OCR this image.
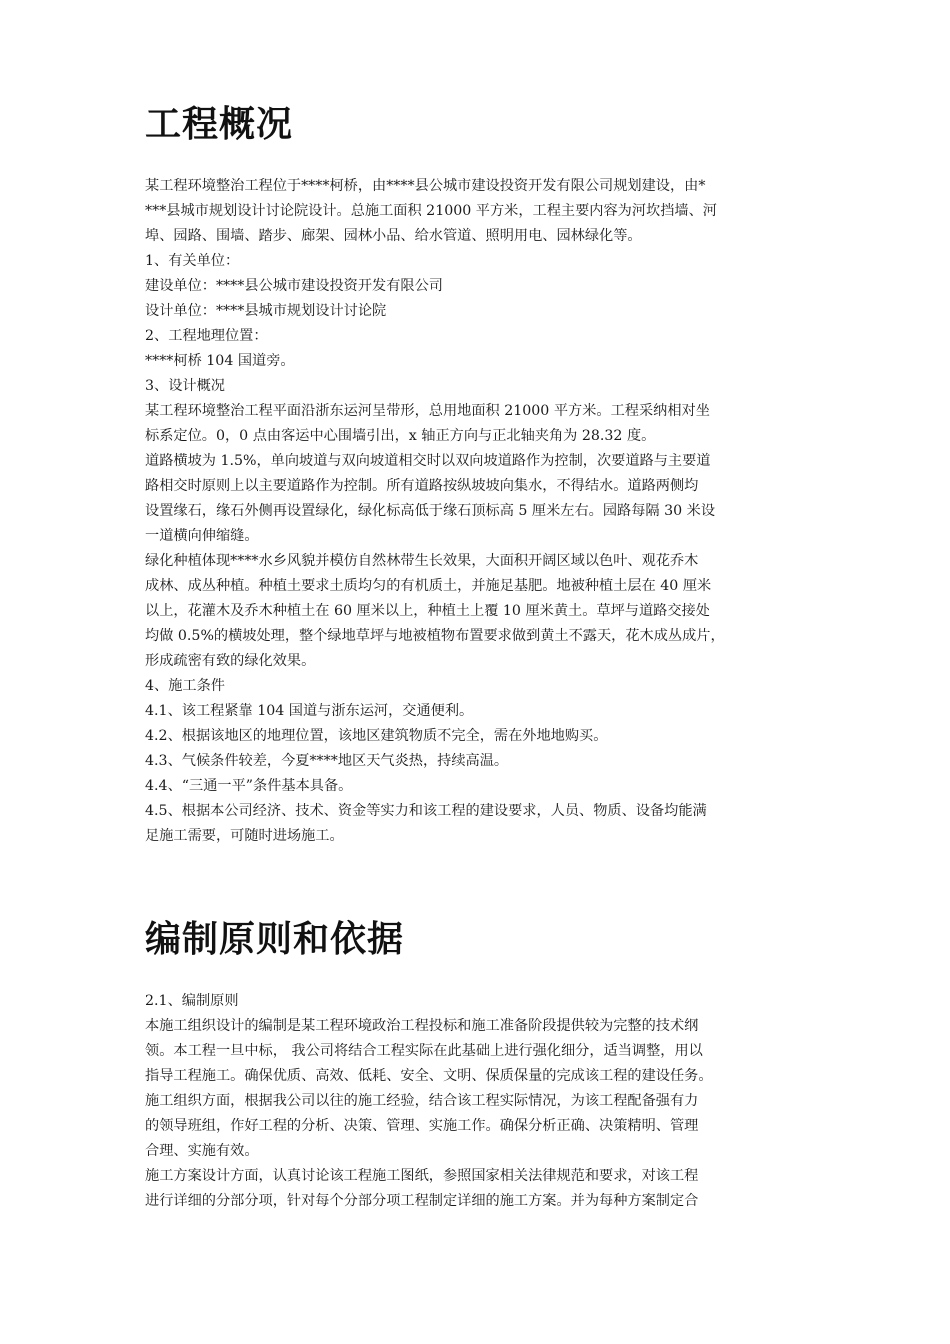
工程概况
某工程环境整治工程位于****柯桥，由****县公城市建设投资开发有限公司规划建设，由*
***县城市规划设计讨论院设计。总施工面积 21000 平方米，工程主要内容为河坎挡墙、河
埠、园路、围墙、踏步、廊架、园林小品、给水管道、照明用电、园林绿化等。
1、有关单位：
建设单位：****县公城市建设投资开发有限公司
设计单位：****县城市规划设计讨论院
2、工程地理位置：
****柯桥 104 国道旁。
3、设计概况
某工程环境整治工程平面沿浙东运河呈带形，总用地面积 21000 平方米。工程采纳相对坐
标系定位。0，0 点由客运中心围墙引出，x 轴正方向与正北轴夹角为 28.32 度。
道路横坡为 1.5%，单向坡道与双向坡道相交时以双向坡道路作为控制，次要道路与主要道
路相交时原则上以主要道路作为控制。所有道路按纵坡坡向集水，不得结水。道路两侧均
设置缘石，缘石外侧再设置绿化，绿化标高低于缘石顶标高 5 厘米左右。园路每隔 30 米设
一道横向伸缩缝。
绿化种植体现****水乡风貌并模仿自然林带生长效果，大面积开阔区域以色叶、观花乔木
成林、成丛种植。种植土要求土质均匀的有机质土，并施足基肥。地被种植土层在 40 厘米
以上，花灌木及乔木种植土在 60 厘米以上，种植土上覆 10 厘米黄土。草坪与道路交接处
均做 0.5%的横坡处理，整个绿地草坪与地被植物布置要求做到黄土不露天，花木成丛成片，
形成疏密有致的绿化效果。
4、施工条件
4.1、该工程紧靠 104 国道与浙东运河，交通便利。
4.2、根据该地区的地理位置，该地区建筑物质不完全，需在外地地购买。
4.3、气候条件较差，今夏****地区天气炎热，持续高温。
4.4、“三通一平”条件基本具备。
4.5、根据本公司经济、技术、资金等实力和该工程的建设要求，人员、物质、设备均能满
足施工需要，可随时进场施工。
编制原则和依据
2.1、编制原则
本施工组织设计的编制是某工程环境政治工程投标和施工准备阶段提供较为完整的技术纲
领。本工程一旦中标， 我公司将结合工程实际在此基础上进行强化细分，适当调整，用以
指导工程施工。确保优质、高效、低耗、安全、文明、保质保量的完成该工程的建设任务。
施工组织方面，根据我公司以往的施工经验，结合该工程实际情况，为该工程配备强有力
的领导班组，作好工程的分析、决策、管理、实施工作。确保分析正确、决策精明、管理
合理、实施有效。
施工方案设计方面，认真讨论该工程施工图纸，参照国家相关法律规范和要求，对该工程
进行详细的分部分项，针对每个分部分项工程制定详细的施工方案。并为每种方案制定合
